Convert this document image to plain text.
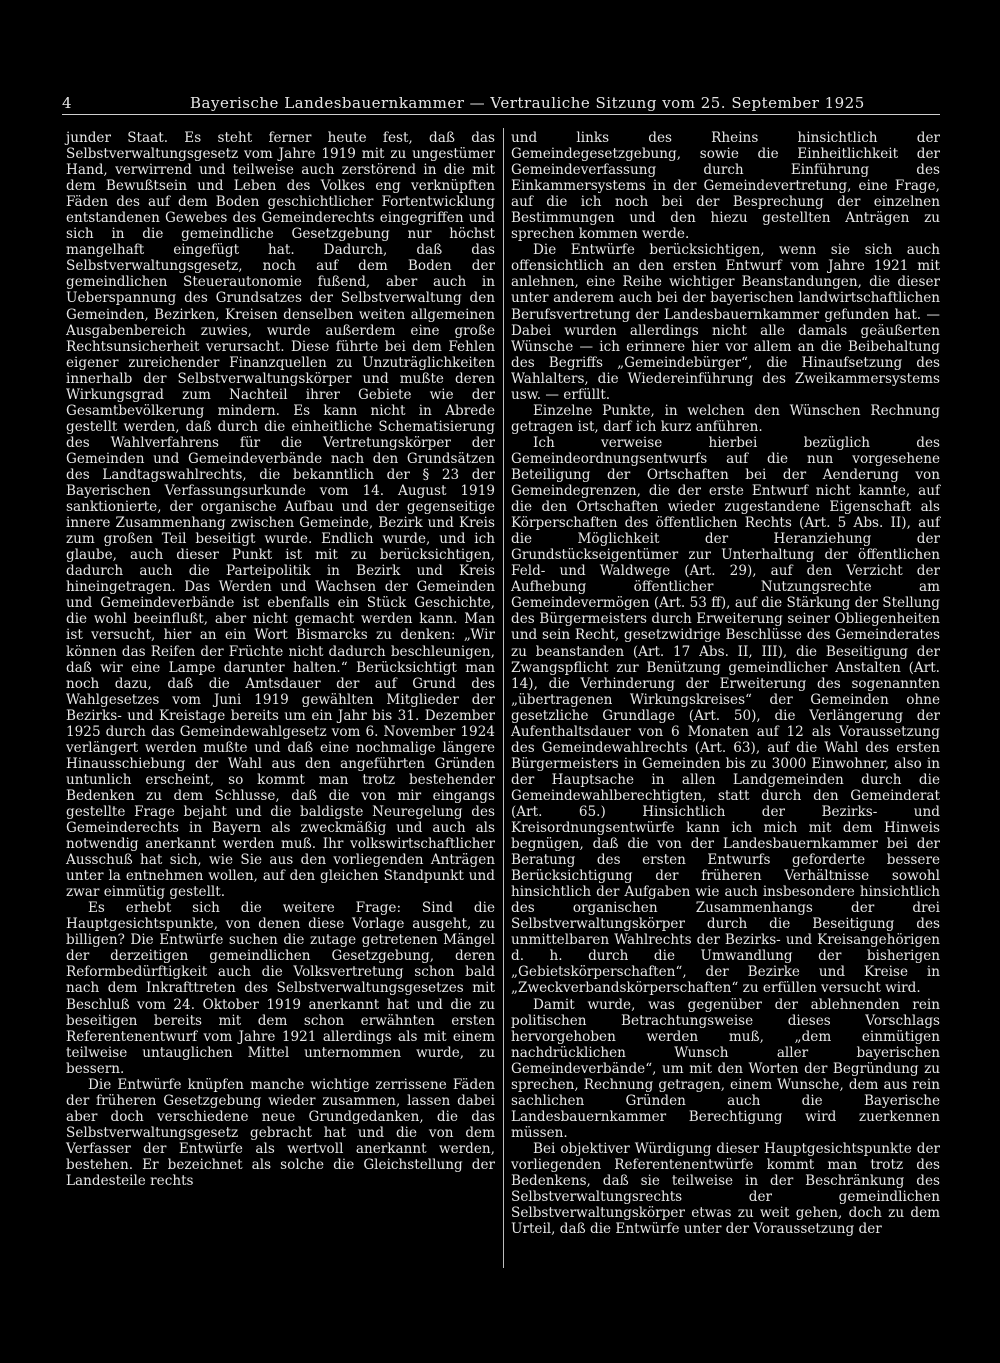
4	Bayerische Landesbauernkammer — Vertrauliche Sitzung vom 25. September 1925

junder Staat. Es steht ferner heute fest, daß das Selbstverwaltungsgesetz vom Jahre 1919 mit zu ungestümer Hand, verwirrend und teilweise auch zerstörend in die mit dem Bewußtsein und Leben des Volkes eng verknüpften Fäden des auf dem Boden geschichtlicher Fortentwicklung entstandenen Gewebes des Gemeinderechts eingegriffen und sich in die gemeindliche Gesetzgebung nur höchst mangelhaft eingefügt hat. Dadurch, daß das Selbstverwaltungsgesetz, noch auf dem Boden der gemeindlichen Steuerautonomie fußend, aber auch in Ueberspannung des Grundsatzes der Selbstverwaltung den Gemeinden, Bezirken, Kreisen denselben weiten allgemeinen Ausgabenbereich zuwies, wurde außerdem eine große Rechtsunsicherheit verursacht. Diese führte bei dem Fehlen eigener zureichender Finanzquellen zu Unzuträglichkeiten innerhalb der Selbstverwaltungskörper und mußte deren Wirkungsgrad zum Nachteil ihrer Gebiete wie der Gesamtbevölkerung mindern. Es kann nicht in Abrede gestellt werden, daß durch die einheitliche Schematisierung des Wahlverfahrens für die Vertretungskörper der Gemeinden und Gemeindeverbände nach den Grundsätzen des Landtagswahlrechts, die bekanntlich der § 23 der Bayerischen Verfassungsurkunde vom 14. August 1919 sanktionierte, der organische Aufbau und der gegenseitige innere Zusammenhang zwischen Gemeinde, Bezirk und Kreis zum großen Teil beseitigt wurde. Endlich wurde, und ich glaube, auch dieser Punkt ist mit zu berücksichtigen, dadurch auch die Parteipolitik in Bezirk und Kreis hineingetragen. Das Werden und Wachsen der Gemeinden und Gemeindeverbände ist ebenfalls ein Stück Geschichte, die wohl beeinflußt, aber nicht gemacht werden kann. Man ist versucht, hier an ein Wort Bismarcks zu denken: „Wir können das Reifen der Früchte nicht dadurch beschleunigen, daß wir eine Lampe darunter halten.“ Berücksichtigt man noch dazu, daß die Amtsdauer der auf Grund des Wahlgesetzes vom Juni 1919 gewählten Mitglieder der Bezirks- und Kreistage bereits um ein Jahr bis 31. Dezember 1925 durch das Gemeindewahlgesetz vom 6. November 1924 verlängert werden mußte und daß eine nochmalige längere Hinausschiebung der Wahl aus den angeführten Gründen untunlich erscheint, so kommt man trotz bestehender Bedenken zu dem Schlusse, daß die von mir eingangs gestellte Frage bejaht und die baldigste Neuregelung des Gemeinderechts in Bayern als zweckmäßig und auch als notwendig anerkannt werden muß. Ihr volkswirtschaftlicher Ausschuß hat sich, wie Sie aus den vorliegenden Anträgen unter la entnehmen wollen, auf den gleichen Standpunkt und zwar einmütig gestellt.

Es erhebt sich die weitere Frage: Sind die Hauptgesichtspunkte, von denen diese Vorlage ausgeht, zu billigen? Die Entwürfe suchen die zutage getretenen Mängel der derzeitigen gemeindlichen Gesetzgebung, deren Reformbedürftigkeit auch die Volksvertretung schon bald nach dem Inkrafttreten des Selbstverwaltungsgesetzes mit Beschluß vom 24. Oktober 1919 anerkannt hat und die zu beseitigen bereits mit dem schon erwähnten ersten Referentenentwurf vom Jahre 1921 allerdings als mit einem teilweise untauglichen Mittel unternommen wurde, zu bessern.

Die Entwürfe knüpfen manche wichtige zerrissene Fäden der früheren Gesetzgebung wieder zusammen, lassen dabei aber doch verschiedene neue Grundgedanken, die das Selbstverwaltungsgesetz gebracht hat und die von dem Verfasser der Entwürfe als wertvoll anerkannt werden, bestehen. Er bezeichnet als solche die Gleichstellung der Landesteile rechts

und links des Rheins hinsichtlich der Gemeindegesetzgebung, sowie die Einheitlichkeit der Gemeindeverfassung durch Einführung des Einkammersystems in der Gemeindevertretung, eine Frage, auf die ich noch bei der Besprechung der einzelnen Bestimmungen und den hiezu gestellten Anträgen zu sprechen kommen werde.

Die Entwürfe berücksichtigen, wenn sie sich auch offensichtlich an den ersten Entwurf vom Jahre 1921 mit anlehnen, eine Reihe wichtiger Beanstandungen, die dieser unter anderem auch bei der bayerischen landwirtschaftlichen Berufsvertretung der Landesbauernkammer gefunden hat. — Dabei wurden allerdings nicht alle damals geäußerten Wünsche — ich erinnere hier vor allem an die Beibehaltung des Begriffs „Gemeindebürger“, die Hinaufsetzung des Wahlalters, die Wiedereinführung des Zweikammersystems usw. — erfüllt.

Einzelne Punkte, in welchen den Wünschen Rechnung getragen ist, darf ich kurz anführen.

Ich verweise hierbei bezüglich des Gemeindeordnungsentwurfs auf die nun vorgesehene Beteiligung der Ortschaften bei der Aenderung von Gemeindegrenzen, die der erste Entwurf nicht kannte, auf die den Ortschaften wieder zugestandene Eigenschaft als Körperschaften des öffentlichen Rechts (Art. 5 Abs. II), auf die Möglichkeit der Heranziehung der Grundstückseigentümer zur Unterhaltung der öffentlichen Feld- und Waldwege (Art. 29), auf den Verzicht der Aufhebung öffentlicher Nutzungsrechte am Gemeindevermögen (Art. 53 ff), auf die Stärkung der Stellung des Bürgermeisters durch Erweiterung seiner Obliegenheiten und sein Recht, gesetzwidrige Beschlüsse des Gemeinderates zu beanstanden (Art. 17 Abs. II, III), die Beseitigung der Zwangspflicht zur Benützung gemeindlicher Anstalten (Art. 14), die Verhinderung der Erweiterung des sogenannten „übertragenen Wirkungskreises“ der Gemeinden ohne gesetzliche Grundlage (Art. 50), die Verlängerung der Aufenthaltsdauer von 6 Monaten auf 12 als Voraussetzung des Gemeindewahlrechts (Art. 63), auf die Wahl des ersten Bürgermeisters in Gemeinden bis zu 3000 Einwohner, also in der Hauptsache in allen Landgemeinden durch die Gemeindewahlberechtigten, statt durch den Gemeinderat (Art. 65.) Hinsichtlich der Bezirks- und Kreisordnungsentwürfe kann ich mich mit dem Hinweis begnügen, daß die von der Landesbauernkammer bei der Beratung des ersten Entwurfs geforderte bessere Berücksichtigung der früheren Verhältnisse sowohl hinsichtlich der Aufgaben wie auch insbesondere hinsichtlich des organischen Zusammenhangs der drei Selbstverwaltungskörper durch die Beseitigung des unmittelbaren Wahlrechts der Bezirks- und Kreisangehörigen d. h. durch die Umwandlung der bisherigen „Gebietskörperschaften“, der Bezirke und Kreise in „Zweckverbandskörperschaften“ zu erfüllen versucht wird.

Damit wurde, was gegenüber der ablehnenden rein politischen Betrachtungsweise dieses Vorschlags hervorgehoben werden muß, „dem einmütigen nachdrücklichen Wunsch aller bayerischen Gemeindeverbände“, um mit den Worten der Begründung zu sprechen, Rechnung getragen, einem Wunsche, dem aus rein sachlichen Gründen auch die Bayerische Landesbauernkammer Berechtigung wird zuerkennen müssen.

Bei objektiver Würdigung dieser Hauptgesichtspunkte der vorliegenden Referentenentwürfe kommt man trotz des Bedenkens, daß sie teilweise in der Beschränkung des Selbstverwaltungsrechts der gemeindlichen Selbstverwaltungskörper etwas zu weit gehen, doch zu dem Urteil, daß die Entwürfe unter der Voraussetzung der
